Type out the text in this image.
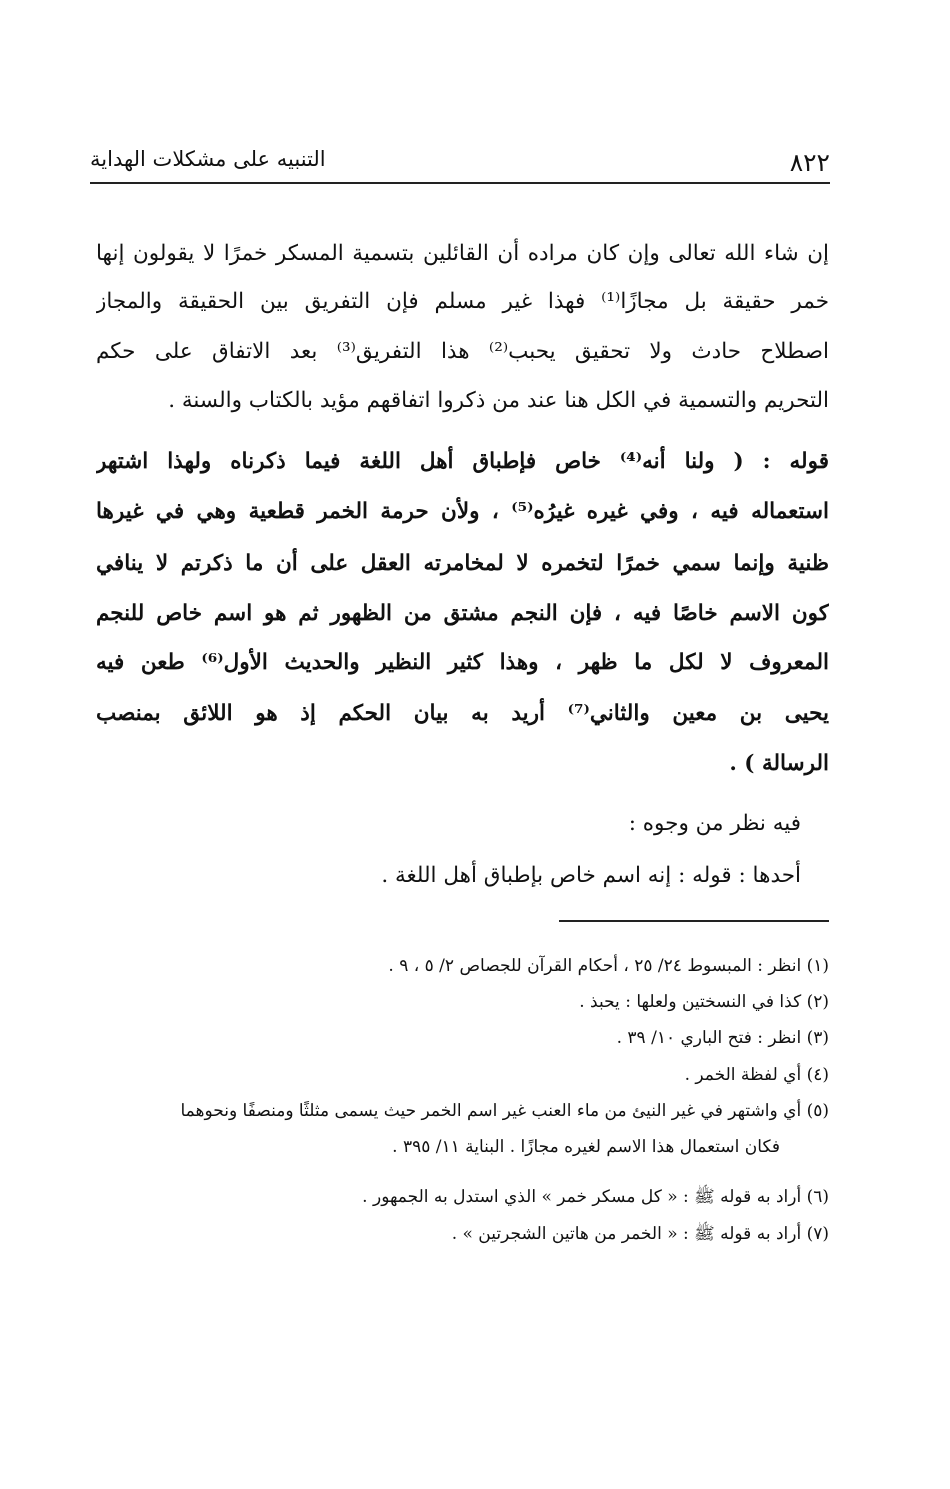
٨٢٢
التنبيه على مشكلات الهداية
إن شاء الله تعالى وإن كان مراده أن القائلين بتسمية المسكر خمرًا لا يقولون إنها
خمر حقيقة بل مجازًا⁽¹⁾ فهذا غير مسلم فإن التفريق بين الحقيقة والمجاز
اصطلاح حادث ولا تحقيق يحبب⁽²⁾ هذا التفريق⁽³⁾ بعد الاتفاق على حكم
التحريم والتسمية في الكل هنا عند من ذكروا اتفاقهم مؤيد بالكتاب والسنة .
قوله : ( ولنا أنه⁽⁴⁾ خاص فإطباق أهل اللغة فيما ذكرناه ولهذا اشتهر
استعماله فيه ، وفي غيره غيرُه⁽⁵⁾ ، ولأن حرمة الخمر قطعية وهي في غيرها
ظنية وإنما سمي خمرًا لتخمره لا لمخامرته العقل على أن ما ذكرتم لا ينافي
كون الاسم خاصًا فيه ، فإن النجم مشتق من الظهور ثم هو اسم خاص للنجم
المعروف لا لكل ما ظهر ، وهذا كثير النظير والحديث الأول⁽⁶⁾ طعن فيه
يحيى بن معين والثاني⁽⁷⁾ أريد به بيان الحكم إذ هو اللائق بمنصب
الرسالة ) .
فيه نظر من وجوه :
أحدها : قوله : إنه اسم خاص بإطباق أهل اللغة .
(١) انظر : المبسوط ٢٤/ ٢٥ ، أحكام القرآن للجصاص ٢/ ٥ ، ٩ .
(٢) كذا في النسختين ولعلها : يحبذ .
(٣) انظر : فتح الباري ١٠/ ٣٩ .
(٤) أي لفظة الخمر .
(٥) أي واشتهر في غير النيئ من ماء العنب غير اسم الخمر حيث يسمى مثلثًا ومنصفًا ونحوهما
فكان استعمال هذا الاسم لغيره مجازًا . البناية ١١/ ٣٩٥ .
(٦) أراد به قوله ﷺ : « كل مسكر خمر » الذي استدل به الجمهور .
(٧) أراد به قوله ﷺ : « الخمر من هاتين الشجرتين » .
